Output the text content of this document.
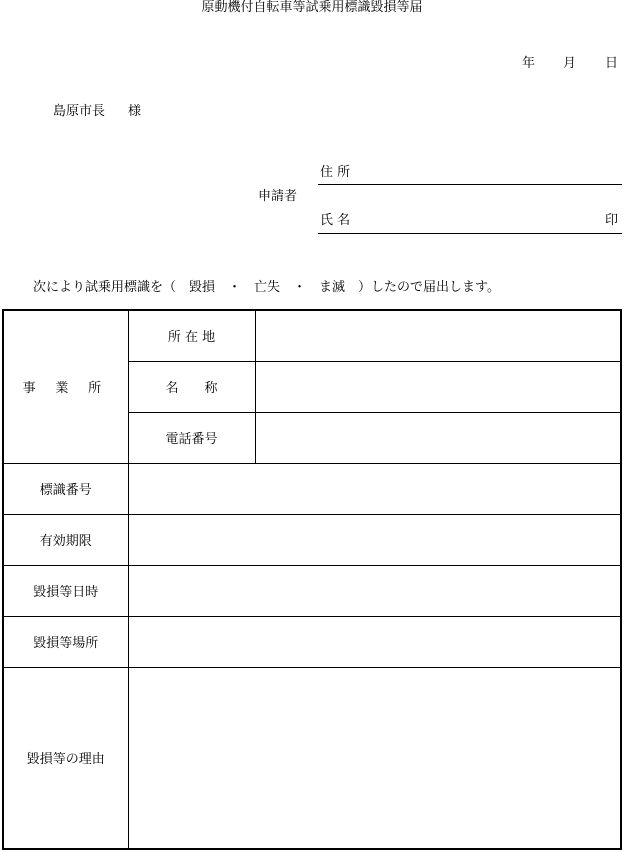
原動機付自転車等試乗用標識毀損等届
年 月 日
島原市長 様
申請者
住 所
氏 名	印
次により試乗用標識を（　毀損　・　亡失　・　ま滅　）したので届出します。
事 業 所	所 在 地	
	名　　称	
	電話番号	
標識番号		
有効期限		
毀損等日時		
毀損等場所		
毀損等の理由		
